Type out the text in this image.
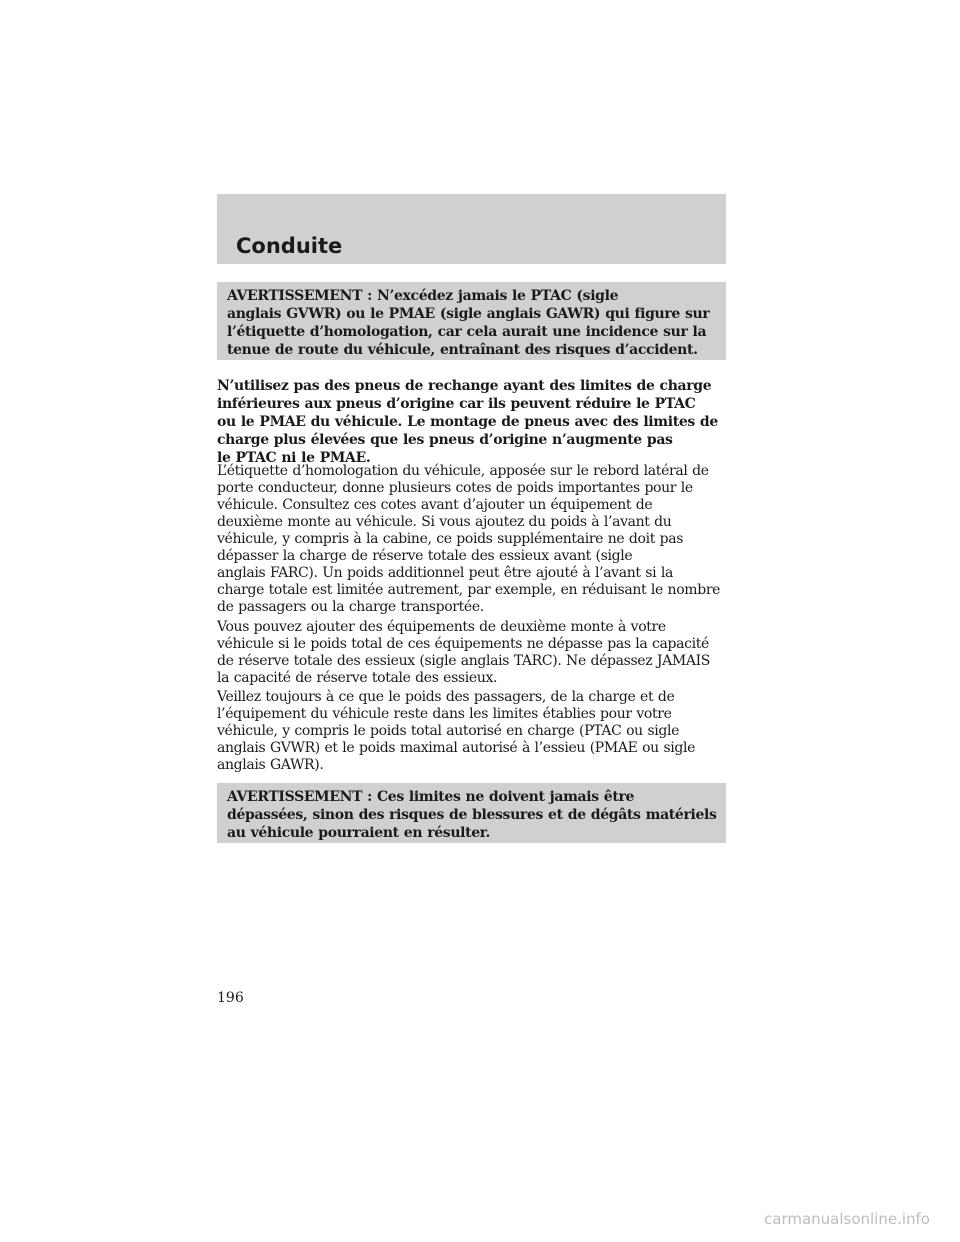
Conduite

AVERTISSEMENT : N’excédez jamais le PTAC (sigle
anglais GVWR) ou le PMAE (sigle anglais GAWR) qui figure sur
l’étiquette d’homologation, car cela aurait une incidence sur la
tenue de route du véhicule, entraînant des risques d’accident.

N’utilisez pas des pneus de rechange ayant des limites de charge
inférieures aux pneus d’origine car ils peuvent réduire le PTAC
ou le PMAE du véhicule. Le montage de pneus avec des limites de
charge plus élevées que les pneus d’origine n’augmente pas
le PTAC ni le PMAE.

L’étiquette d’homologation du véhicule, apposée sur le rebord latéral de
porte conducteur, donne plusieurs cotes de poids importantes pour le
véhicule. Consultez ces cotes avant d’ajouter un équipement de
deuxième monte au véhicule. Si vous ajoutez du poids à l’avant du
véhicule, y compris à la cabine, ce poids supplémentaire ne doit pas
dépasser la charge de réserve totale des essieux avant (sigle
anglais FARC). Un poids additionnel peut être ajouté à l’avant si la
charge totale est limitée autrement, par exemple, en réduisant le nombre
de passagers ou la charge transportée.

Vous pouvez ajouter des équipements de deuxième monte à votre
véhicule si le poids total de ces équipements ne dépasse pas la capacité
de réserve totale des essieux (sigle anglais TARC). Ne dépassez JAMAIS
la capacité de réserve totale des essieux.

Veillez toujours à ce que le poids des passagers, de la charge et de
l’équipement du véhicule reste dans les limites établies pour votre
véhicule, y compris le poids total autorisé en charge (PTAC ou sigle
anglais GVWR) et le poids maximal autorisé à l’essieu (PMAE ou sigle
anglais GAWR).

AVERTISSEMENT : Ces limites ne doivent jamais être
dépassées, sinon des risques de blessures et de dégâts matériels
au véhicule pourraient en résulter.

196

carmanualsonline.info
